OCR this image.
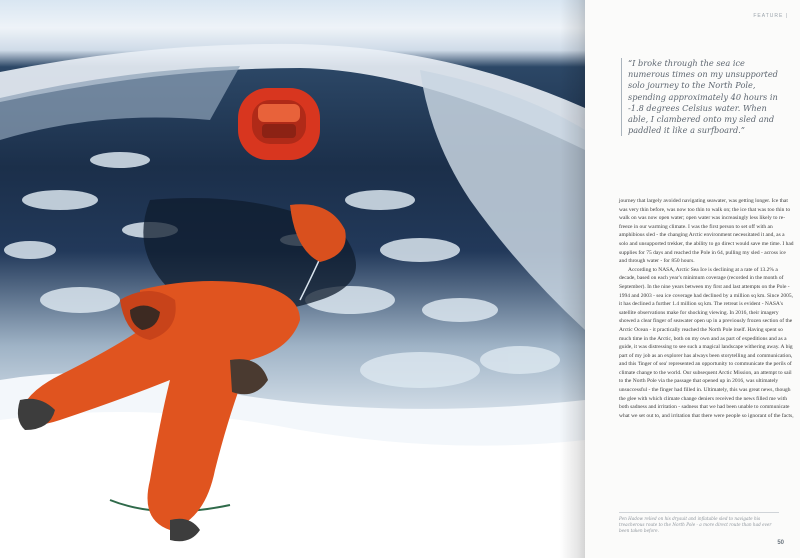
FEATURE |
“I broke through the sea ice numerous times on my unsupported solo journey to the North Pole, spending approximately 40 hours in -1.8 degrees Celsius water. When able, I clambered onto my sled and paddled it like a surfboard.”

journey that largely avoided navigating seawater, was getting longer. Ice that was very thin before, was now too thin to walk on; the ice that was too thin to walk on was now open water; open water was increasingly less likely to re-freeze in our warming climate. I was the first person to set off with an amphibious sled - the changing Arctic environment necessitated it and, as a solo and unsupported trekker, the ability to go direct would save me time. I had supplies for 75 days and reached the Pole in 64, pulling my sled - across ice and through water - for 850 hours.

According to NASA, Arctic Sea Ice is declining at a rate of 13.2% a decade, based on each year's minimum coverage (recorded in the month of September). In the nine years between my first and last attempts on the Pole - 1994 and 2003 - sea ice coverage had declined by a million sq km. Since 2005, it has declined a further 1.4 million sq km. The retreat is evident - NASA's satellite observations make for shocking viewing. In 2016, their imagery showed a clear finger of seawater open up in a previously frozen section of the Arctic Ocean - it practically reached the North Pole itself. Having spent so much time in the Arctic, both on my own and as part of expeditions and as a guide, it was distressing to see such a magical landscape withering away. A big part of my job as an explorer has always been storytelling and communication, and this 'finger of sea' represented an opportunity to communicate the perils of climate change to the world. Our subsequent Arctic Mission, an attempt to sail to the North Pole via the passage that opened up in 2016, was ultimately unsuccessful - the finger had filled in. Ultimately, this was great news, though the glee with which climate change deniers received the news filled me with both sadness and irritation - sadness that we had been unable to communicate what we set out to, and irritation that there were people so ignorant of the facts,

Pen Hadow relied on his drysuit and inflatable sled to navigate his treacherous route to the North Pole - a more direct route than had ever been taken before.
50
